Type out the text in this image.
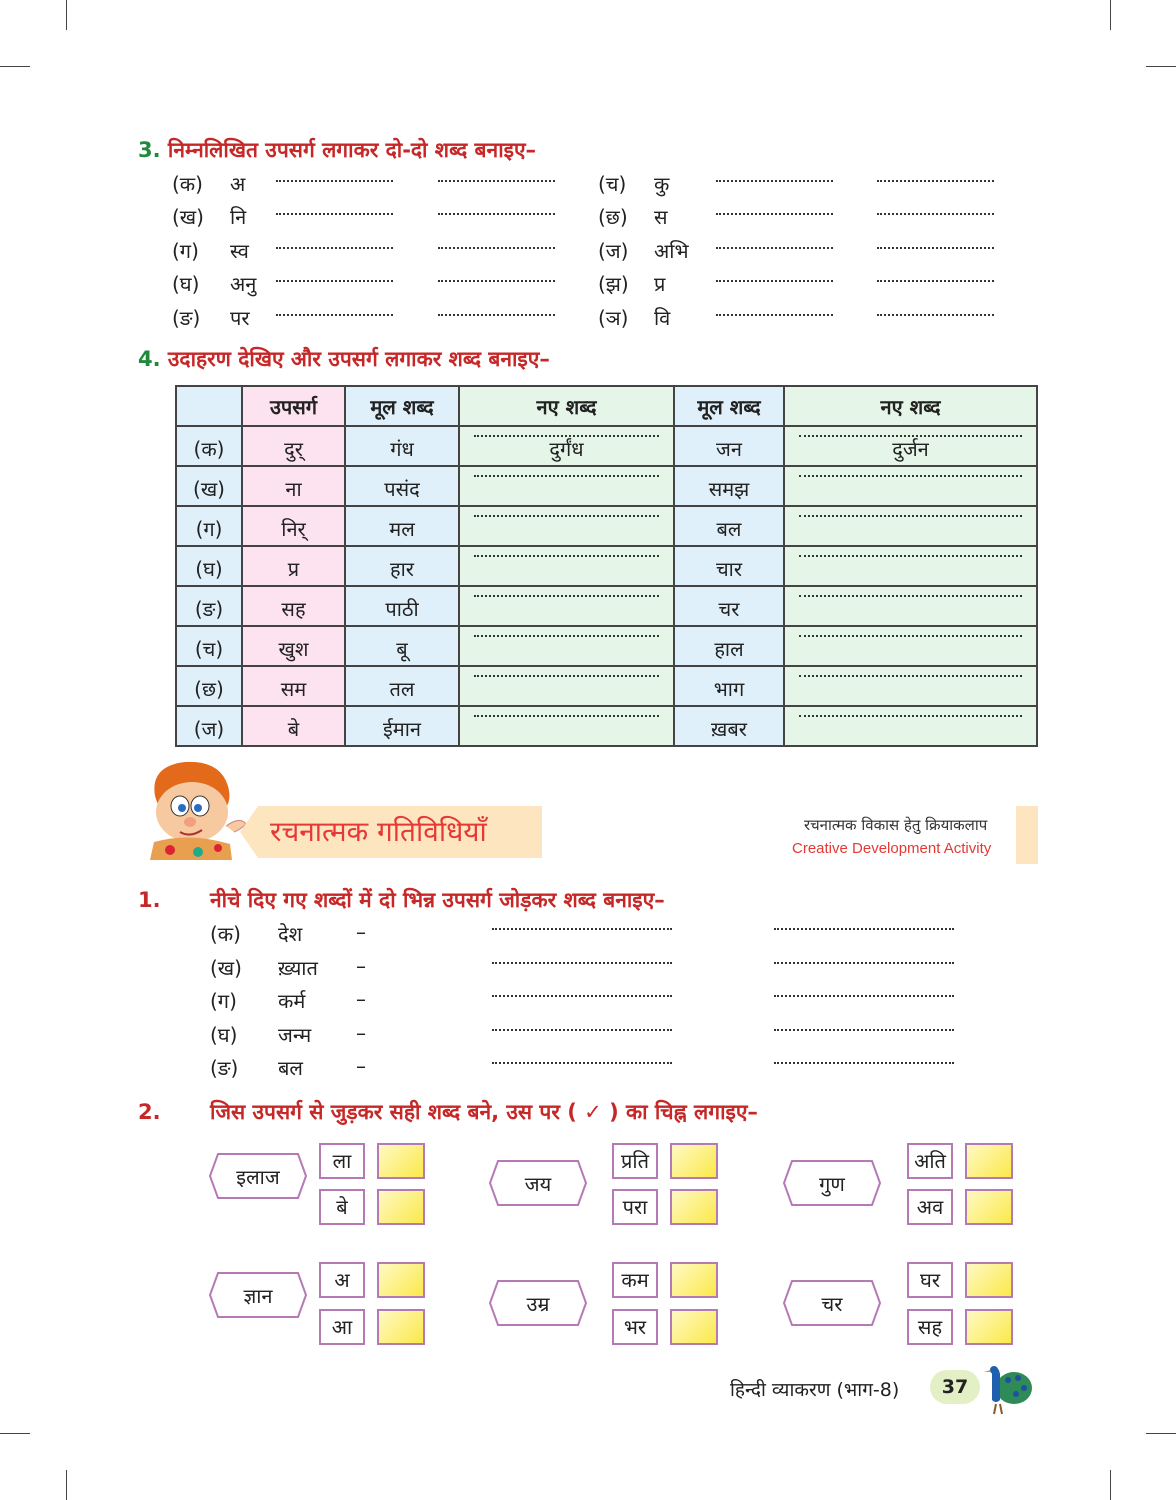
3. निम्नलिखित उपसर्ग लगाकर दो-दो शब्द बनाइए–
(क) अ
(ख) नि
(ग) स्व
(घ) अनु
(ङ) पर
(च) कु
(छ) स
(ज) अभि
(झ) प्र
(ञ) वि
4. उदाहरण देखिए और उपसर्ग लगाकर शब्द बनाइए–
	उपसर्ग	मूल शब्द	नए शब्द	मूल शब्द	नए शब्द
(क)	दुर्	गंध	दुर्गंध	जन	दुर्जन
(ख)	ना	पसंद		समझ	

(ग)	निर्	मल		बल	

(घ)	प्र	हार		चार	

(ङ)	सह	पाठी		चर	

(च)	खुश	बू		हाल	

(छ)	सम	तल		भाग	

(ज)	बे	ईमान		ख़बर	
रचनात्मक गतिविधियाँ	रचनात्मक विकास हेतु क्रियाकलाप
Creative Development Activity
1. नीचे दिए गए शब्दों में दो भिन्न उपसर्ग जोड़कर शब्द बनाइए–
(क) देश	–
(ख) ख़्यात –
(ग) कर्म	–
(घ) जन्म –
(ङ) बल	–
2. जिस उपसर्ग से जुड़कर सही शब्द बने, उस पर ( ✓ ) का चिह्न लगाइए–
इलाज
ला
बे
जय
प्रति
परा
गुण
अति
अव
ज्ञान
अ
आ
उम्र
कम
भर
चर
घर
सह
हिन्दी व्याकरण (भाग-8)	37
